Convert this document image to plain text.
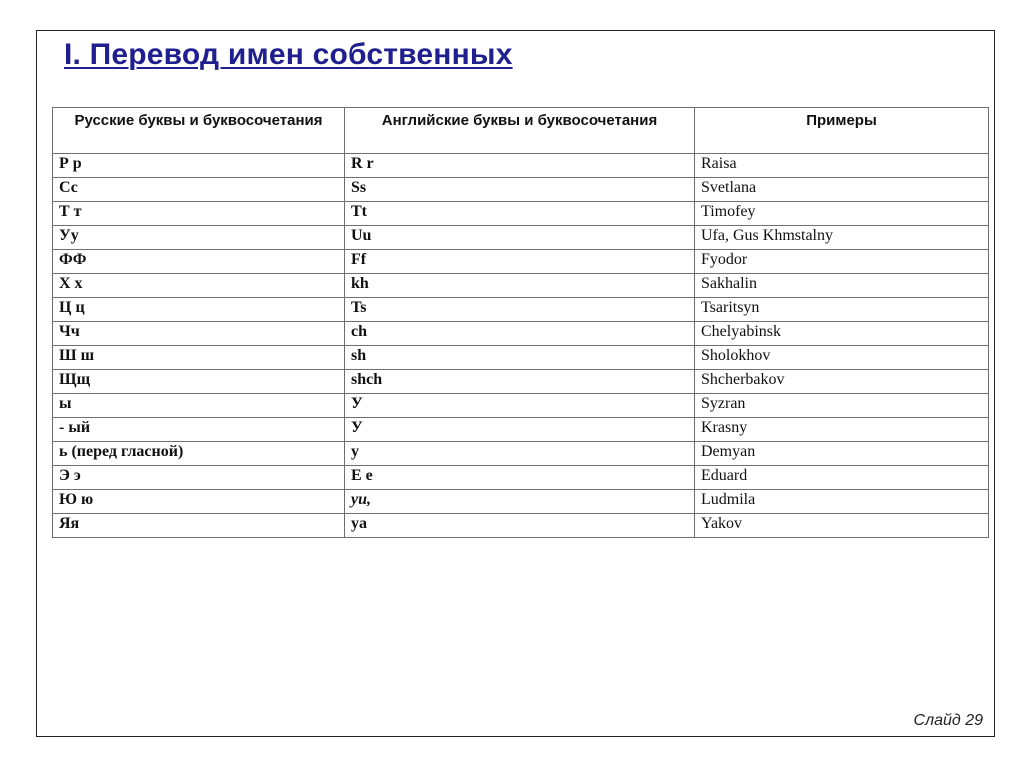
I. Перевод имен собственных
Русские буквы и буквосочетания	Английские буквы и буквосочетания	Примеры
Р р	R r	Raisa
Сс	Ss	Svetlana
Т т	Tt	Timofey
Уу	Uu	Ufa, Gus Khmstalny
ФФ	Ff	Fyodor
Х х	kh	Sakhalin
Ц ц	Ts	Tsaritsyn
Чч	ch	Chelyabinsk
Ш ш	sh	Sholokhov
Щщ	shch	Shcherbakov
ы	У	Syzran
- ый	У	Krasny
ь (перед гласной)	у	Demyan
Э э	E e	Eduard
Ю ю	yu,	Ludmila
Яя	ya	Yakov
Слайд 29
